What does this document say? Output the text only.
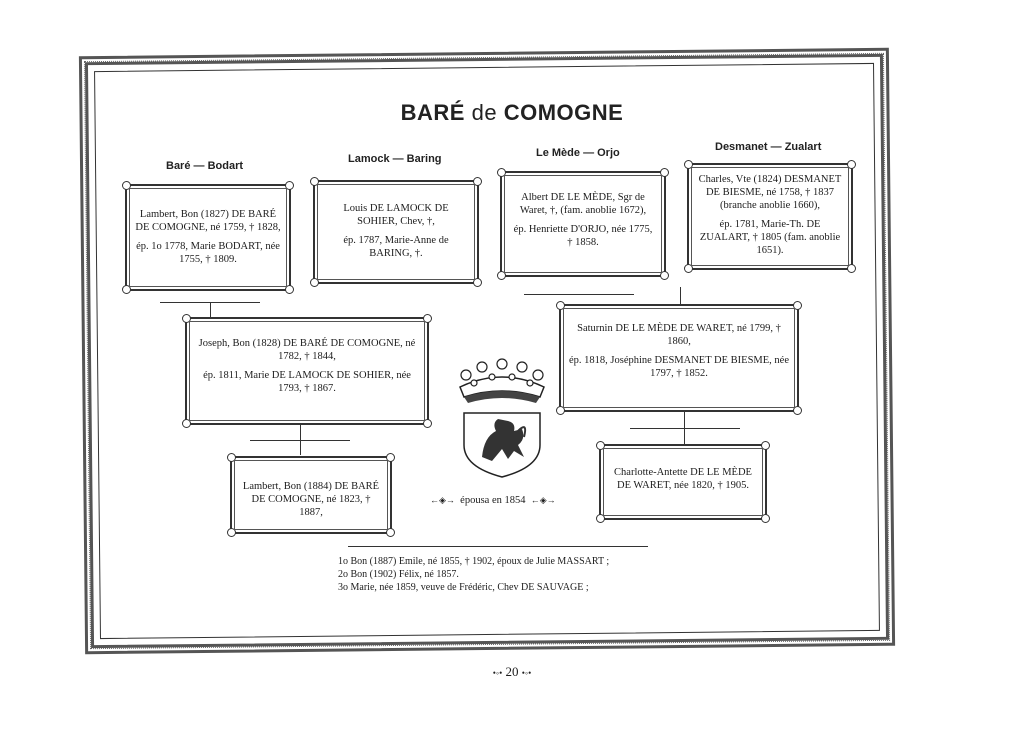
BARÉ de COMOGNE
Baré — Bodart
Lamock — Baring	Le Mède — Orjo	Desmanet — Zualart

Lambert, Bon (1827) DE BARÉ DE COMOGNE, né 1759, † 1828,

ép. 1o 1778, Marie BODART, née 1755, † 1809.

Louis DE LAMOCK DE SOHIER, Chev, †,

ép. 1787, Marie-Anne de BARING, †.

Albert DE LE MÈDE, Sgr de Waret, †, (fam. anoblie 1672),

ép. Henriette D'ORJO, née 1775, † 1858.

Charles, Vte (1824) DESMANET DE BIESME, né 1758, † 1837 (branche anoblie 1660),

ép. 1781, Marie-Th. DE ZUALART, † 1805 (fam. anoblie 1651).

Joseph, Bon (1828) DE BARÉ DE COMOGNE, né 1782, † 1844,

ép. 1811, Marie DE LAMOCK DE SOHIER, née 1793, † 1867.

Saturnin DE LE MÈDE DE WARET, né 1799, † 1860,

ép. 1818, Joséphine DESMANET DE BIESME, née 1797, † 1852.

Lambert, Bon (1884) DE BARÉ DE COMOGNE, né 1823, † 1887,

Charlotte-Antette DE LE MÈDE DE WARET, née 1820, † 1905.

←◈→ épousa en 1854 ←◈→
1o Bon (1887) Emile, né 1855, † 1902, époux de Julie MASSART ;
2o Bon (1902) Félix, né 1857.
3o Marie, née 1859, veuve de Frédéric, Chev DE SAUVAGE ;
•◦• 20 •◦•
